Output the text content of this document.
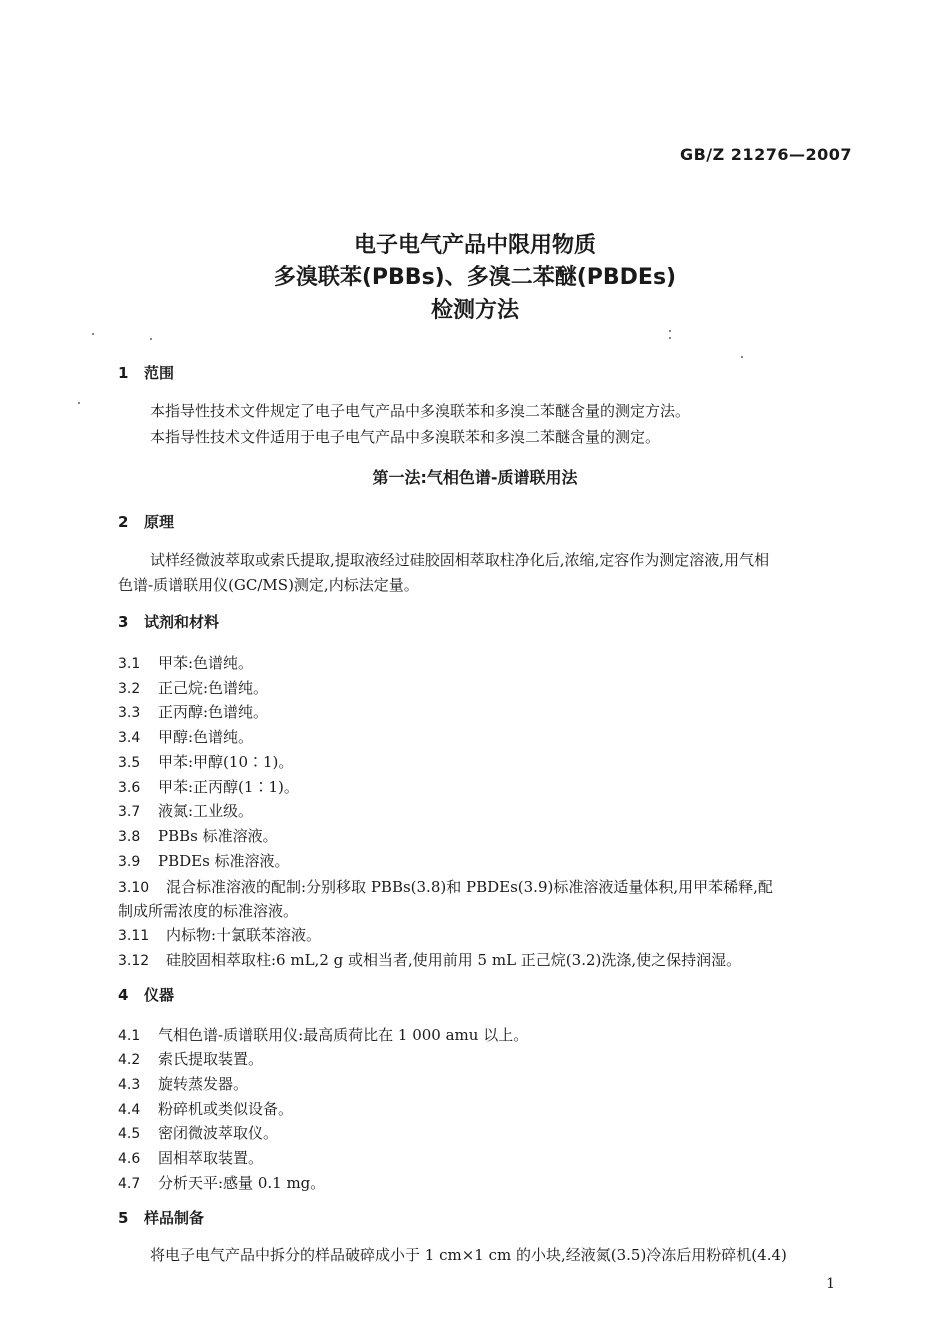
GB/Z 21276—2007
电子电气产品中限用物质
多溴联苯(PBBs)、多溴二苯醚(PBDEs)
检测方法
1 范围
本指导性技术文件规定了电子电气产品中多溴联苯和多溴二苯醚含量的测定方法。
本指导性技术文件适用于电子电气产品中多溴联苯和多溴二苯醚含量的测定。
第一法:气相色谱-质谱联用法
2 原理
试样经微波萃取或索氏提取,提取液经过硅胶固相萃取柱净化后,浓缩,定容作为测定溶液,用气相
色谱-质谱联用仪(GC/MS)测定,内标法定量。
3 试剂和材料
3.1 甲苯:色谱纯。
3.2 正己烷:色谱纯。
3.3 正丙醇:色谱纯。
3.4 甲醇:色谱纯。
3.5 甲苯:甲醇(10∶1)。
3.6 甲苯:正丙醇(1∶1)。
3.7 液氮:工业级。
3.8 PBBs 标准溶液。
3.9 PBDEs 标准溶液。
3.10 混合标准溶液的配制:分别移取 PBBs(3.8)和 PBDEs(3.9)标准溶液适量体积,用甲苯稀释,配
制成所需浓度的标准溶液。
3.11 内标物:十氯联苯溶液。
3.12 硅胶固相萃取柱:6 mL,2 g 或相当者,使用前用 5 mL 正己烷(3.2)洗涤,使之保持润湿。
4 仪器
4.1 气相色谱-质谱联用仪:最高质荷比在 1 000 amu 以上。
4.2 索氏提取装置。
4.3 旋转蒸发器。
4.4 粉碎机或类似设备。
4.5 密闭微波萃取仪。
4.6 固相萃取装置。
4.7 分析天平:感量 0.1 mg。
5 样品制备
将电子电气产品中拆分的样品破碎成小于 1 cm×1 cm 的小块,经液氮(3.5)冷冻后用粉碎机(4.4)
1
